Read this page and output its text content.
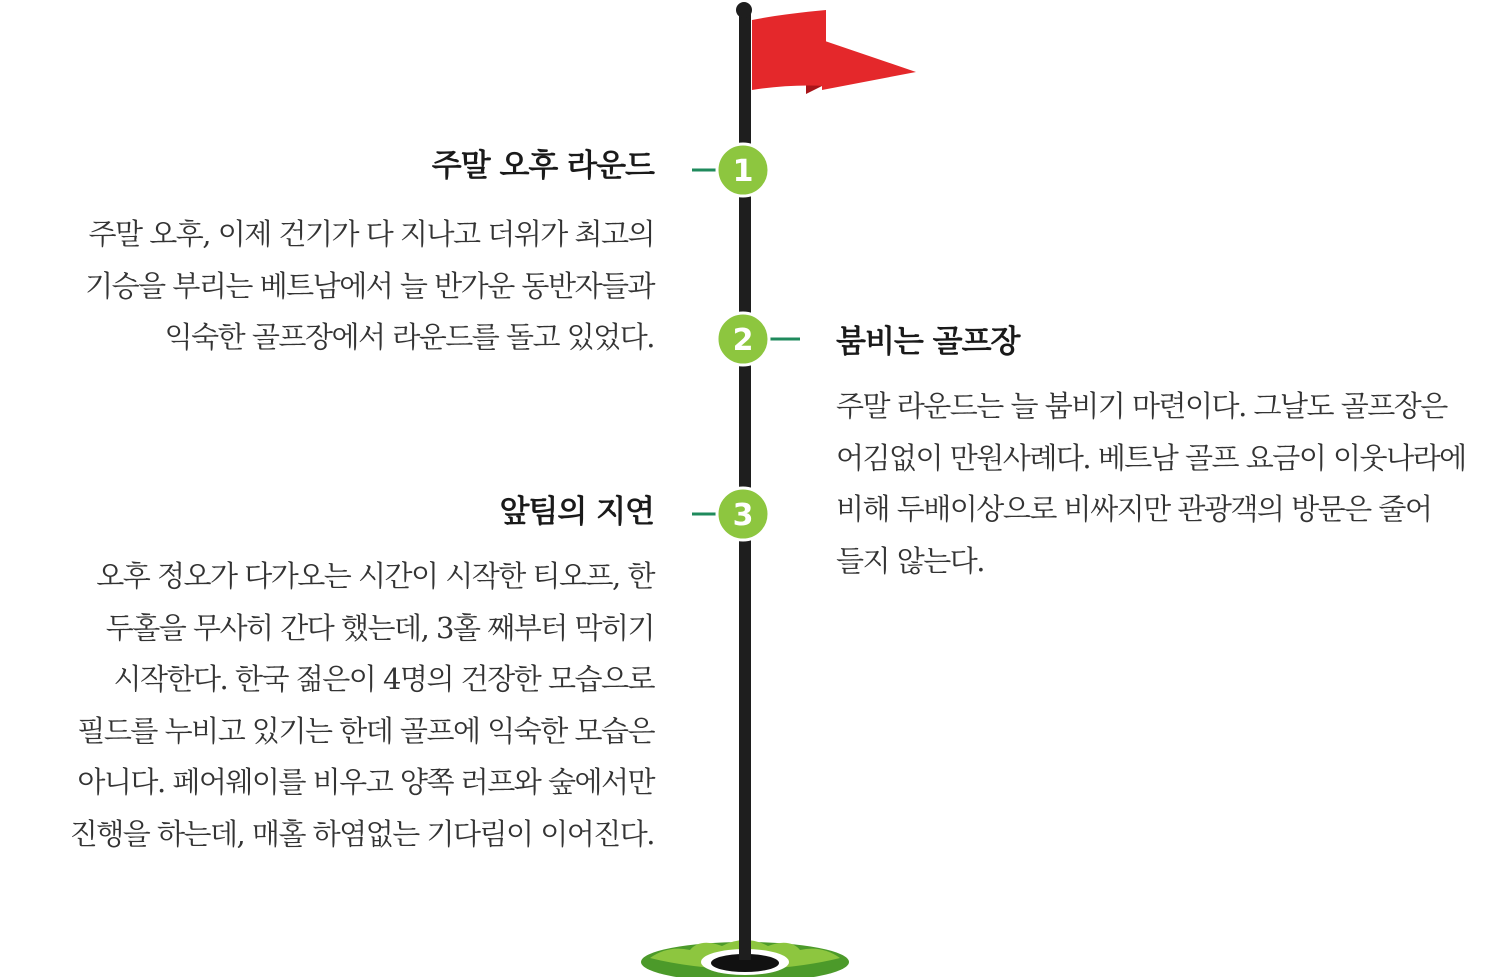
1
2
3
주말 오후 라운드

주말 오후, 이제 건기가 다 지나고 더위가 최고의 기승을 부리는 베트남에서 늘 반가운 동반자들과 익숙한 골프장에서 라운드를 돌고 있었다.	붐비는 골프장

주말 라운드는 늘 붐비기 마련이다. 그날도 골프장은 어김없이 만원사례다. 베트남 골프 요금이 이웃나라에 비해 두배이상으로 비싸지만 관광객의 방문은 줄어 들지 않는다.

앞팀의 지연

오후 정오가 다가오는 시간이 시작한 티오프, 한 두홀을 무사히 간다 했는데, 3홀 째부터 막히기 시작한다. 한국 젊은이 4명의 건장한 모습으로 필드를 누비고 있기는 한데 골프에 익숙한 모습은 아니다. 페어웨이를 비우고 양쪽 러프와 숲에서만 진행을 하는데, 매홀 하염없는 기다림이 이어진다.
